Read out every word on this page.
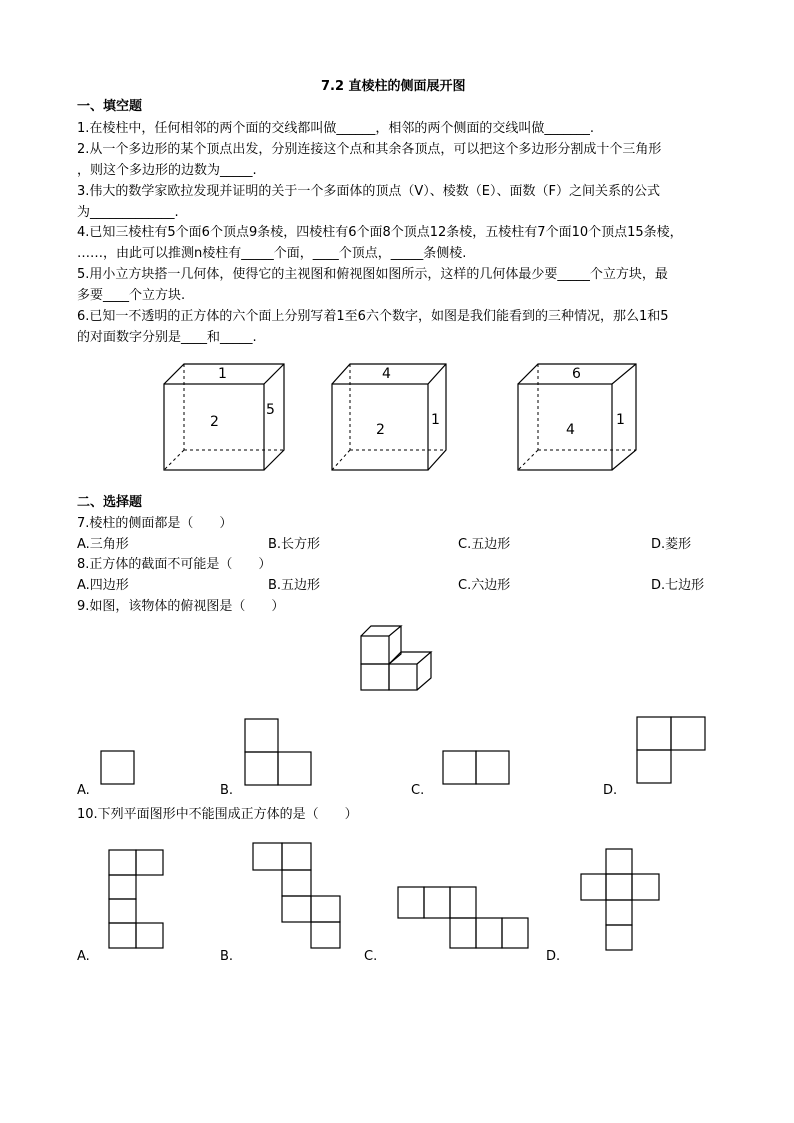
7.2 直棱柱的侧面展开图
一、填空题
1.在棱柱中，任何相邻的两个面的交线都叫做______，相邻的两个侧面的交线叫做_______.
2.从一个多边形的某个顶点出发，分别连接这个点和其余各顶点，可以把这个多边形分割成十个三角形
，则这个多边形的边数为_____.
3.伟大的数学家欧拉发现并证明的关于一个多面体的顶点（V）、棱数（E）、面数（F）之间关系的公式
为_____________.
4.已知三棱柱有5个面6个顶点9条棱，四棱柱有6个面8个顶点12条棱，五棱柱有7个面10个顶点15条棱，
……，由此可以推测n棱柱有_____个面，____个顶点，_____条侧棱.
5.用小立方块搭一几何体，使得它的主视图和俯视图如图所示，这样的几何体最少要_____个立方块，最
多要____个立方块.
6.已知一不透明的正方体的六个面上分别写着1至6六个数字，如图是我们能看到的三种情况，那么1和5
的对面数字分别是____和_____.
1
2
5
4
2
1
6
4
1
二、选择题
7.棱柱的侧面都是（　　）
A.三角形	B.长方形	C.五边形	D.菱形
8.正方体的截面不可能是（　　）
A.四边形	B.五边形	C.六边形	D.七边形
9.如图，该物体的俯视图是（　　）
A.	B.	C.	D.
10.下列平面图形中不能围成正方体的是（　　）
A.	B.	C.	D.
